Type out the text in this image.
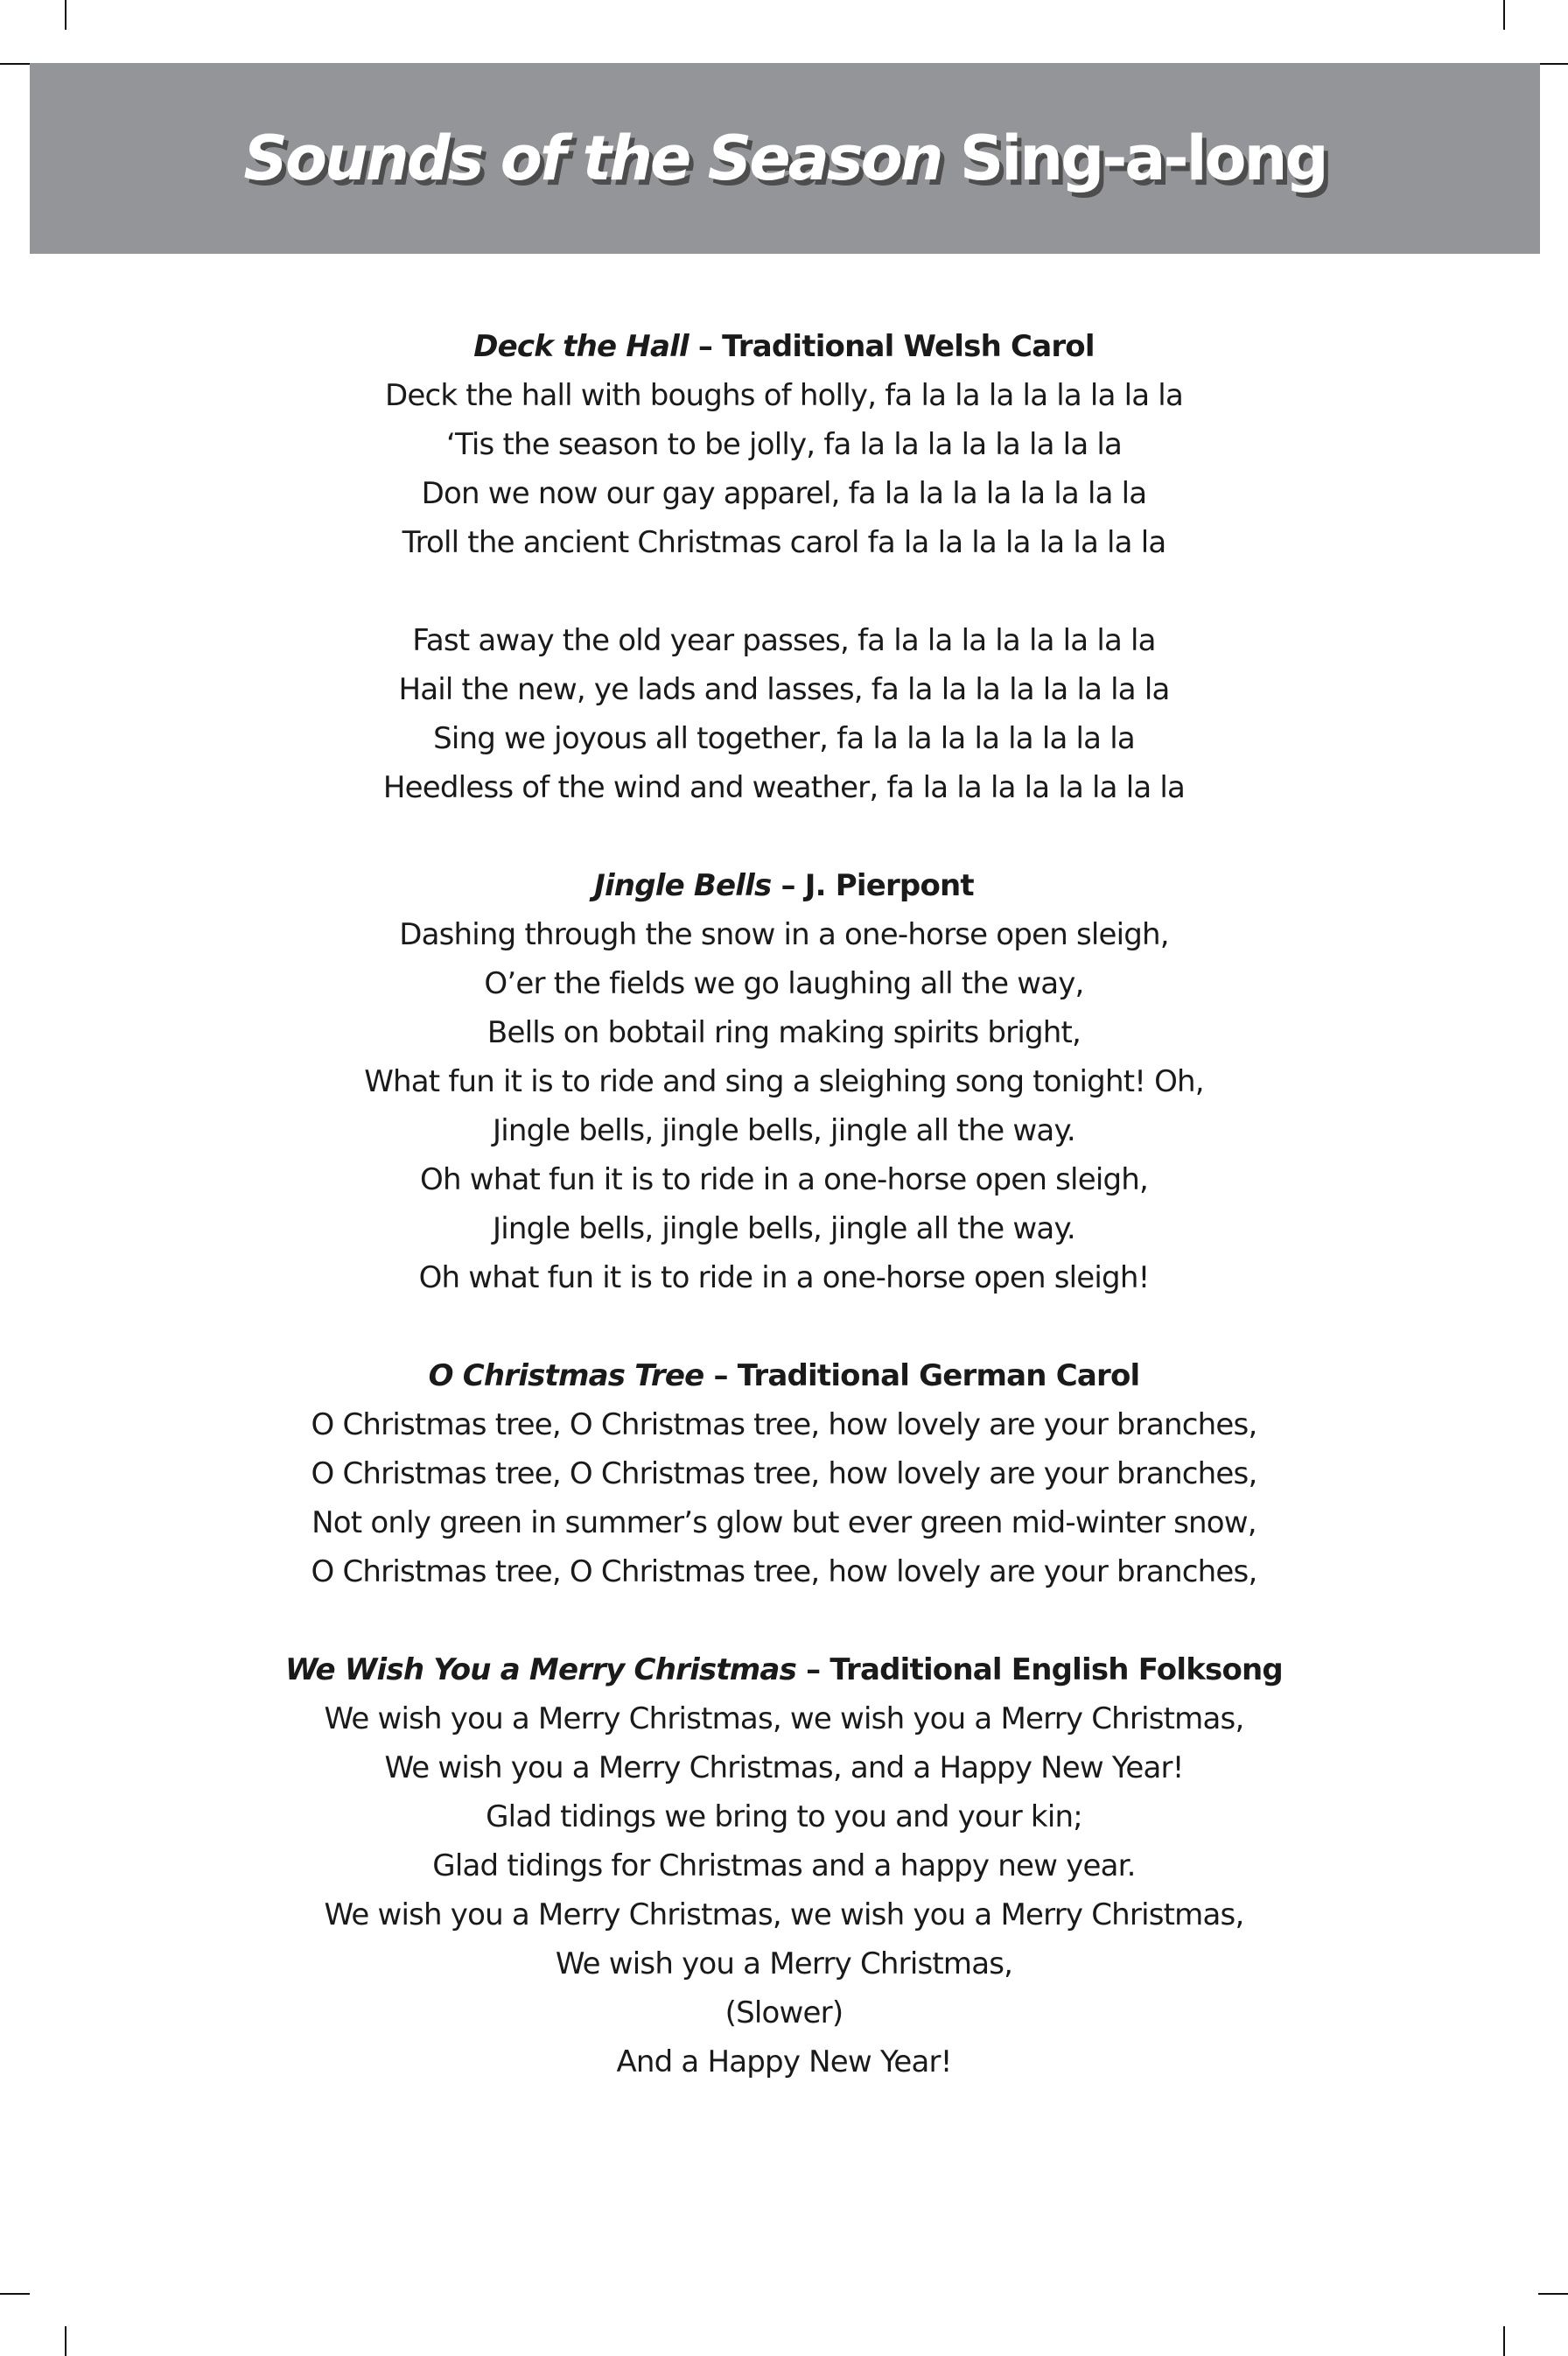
Sounds of the Season Sing-a-long

Deck the Hall – Traditional Welsh Carol

Deck the hall with boughs of holly, fa la la la la la la la la

‘Tis the season to be jolly, fa la la la la la la la la

Don we now our gay apparel, fa la la la la la la la la

Troll the ancient Christmas carol fa la la la la la la la la

Fast away the old year passes, fa la la la la la la la la

Hail the new, ye lads and lasses, fa la la la la la la la la

Sing we joyous all together, fa la la la la la la la la

Heedless of the wind and weather, fa la la la la la la la la

Jingle Bells – J. Pierpont

Dashing through the snow in a one-horse open sleigh,

O’er the fields we go laughing all the way,

Bells on bobtail ring making spirits bright,

What fun it is to ride and sing a sleighing song tonight! Oh,

Jingle bells, jingle bells, jingle all the way.

Oh what fun it is to ride in a one-horse open sleigh,

Jingle bells, jingle bells, jingle all the way.

Oh what fun it is to ride in a one-horse open sleigh!

O Christmas Tree – Traditional German Carol

O Christmas tree, O Christmas tree, how lovely are your branches,

O Christmas tree, O Christmas tree, how lovely are your branches,

Not only green in summer’s glow but ever green mid-winter snow,

O Christmas tree, O Christmas tree, how lovely are your branches,

We Wish You a Merry Christmas – Traditional English Folksong

We wish you a Merry Christmas, we wish you a Merry Christmas,

We wish you a Merry Christmas, and a Happy New Year!

Glad tidings we bring to you and your kin;

Glad tidings for Christmas and a happy new year.

We wish you a Merry Christmas, we wish you a Merry Christmas,

We wish you a Merry Christmas,

(Slower)

And a Happy New Year!
